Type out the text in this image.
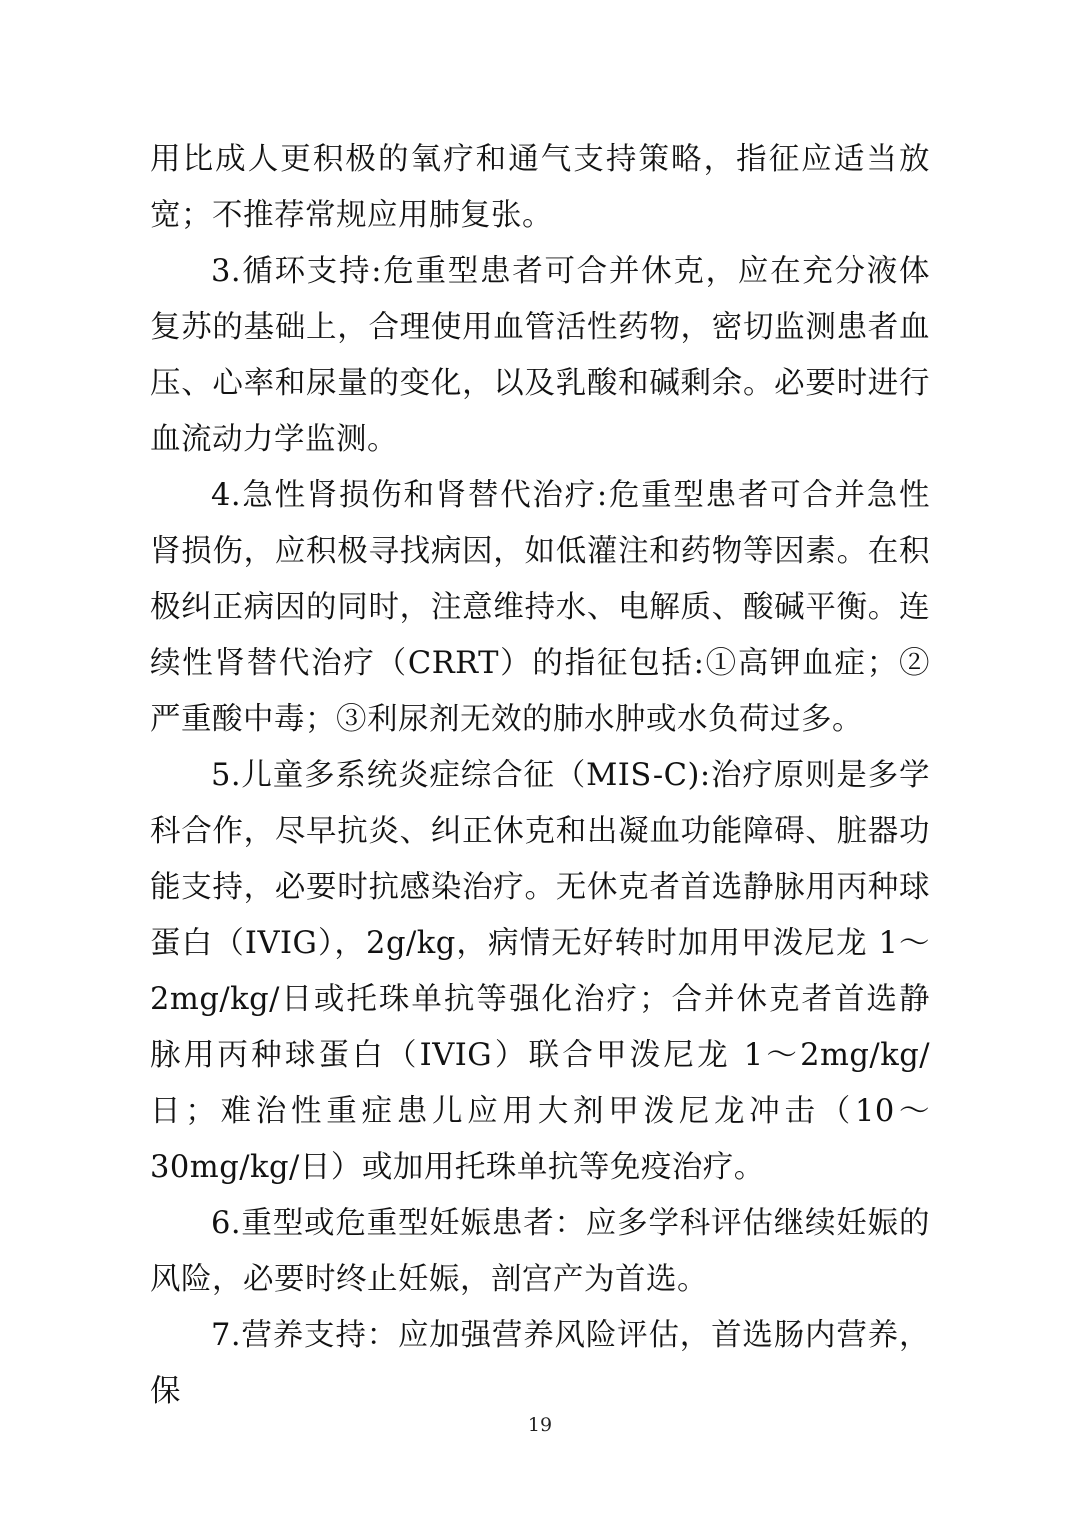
用比成人更积极的氧疗和通气支持策略，指征应适当放宽；不推荐常规应用肺复张。

3.循环支持:危重型患者可合并休克，应在充分液体复苏的基础上，合理使用血管活性药物，密切监测患者血压、心率和尿量的变化，以及乳酸和碱剩余。必要时进行血流动力学监测。

4.急性肾损伤和肾替代治疗:危重型患者可合并急性肾损伤，应积极寻找病因，如低灌注和药物等因素。在积极纠正病因的同时，注意维持水、电解质、酸碱平衡。连续性肾替代治疗（CRRT）的指征包括:①高钾血症；②严重酸中毒；③利尿剂无效的肺水肿或水负荷过多。

5.儿童多系统炎症综合征（MIS-C):治疗原则是多学科合作，尽早抗炎、纠正休克和出凝血功能障碍、脏器功能支持，必要时抗感染治疗。无休克者首选静脉用丙种球蛋白（IVIG），2g/kg，病情无好转时加用甲泼尼龙 1～2mg/kg/日或托珠单抗等强化治疗；合并休克者首选静脉用丙种球蛋白（IVIG）联合甲泼尼龙 1～2mg/kg/日；难治性重症患儿应用大剂甲泼尼龙冲击（10～30mg/kg/日）或加用托珠单抗等免疫治疗。

6.重型或危重型妊娠患者：应多学科评估继续妊娠的风险，必要时终止妊娠，剖宫产为首选。

7.营养支持：应加强营养风险评估，首选肠内营养，保

19
